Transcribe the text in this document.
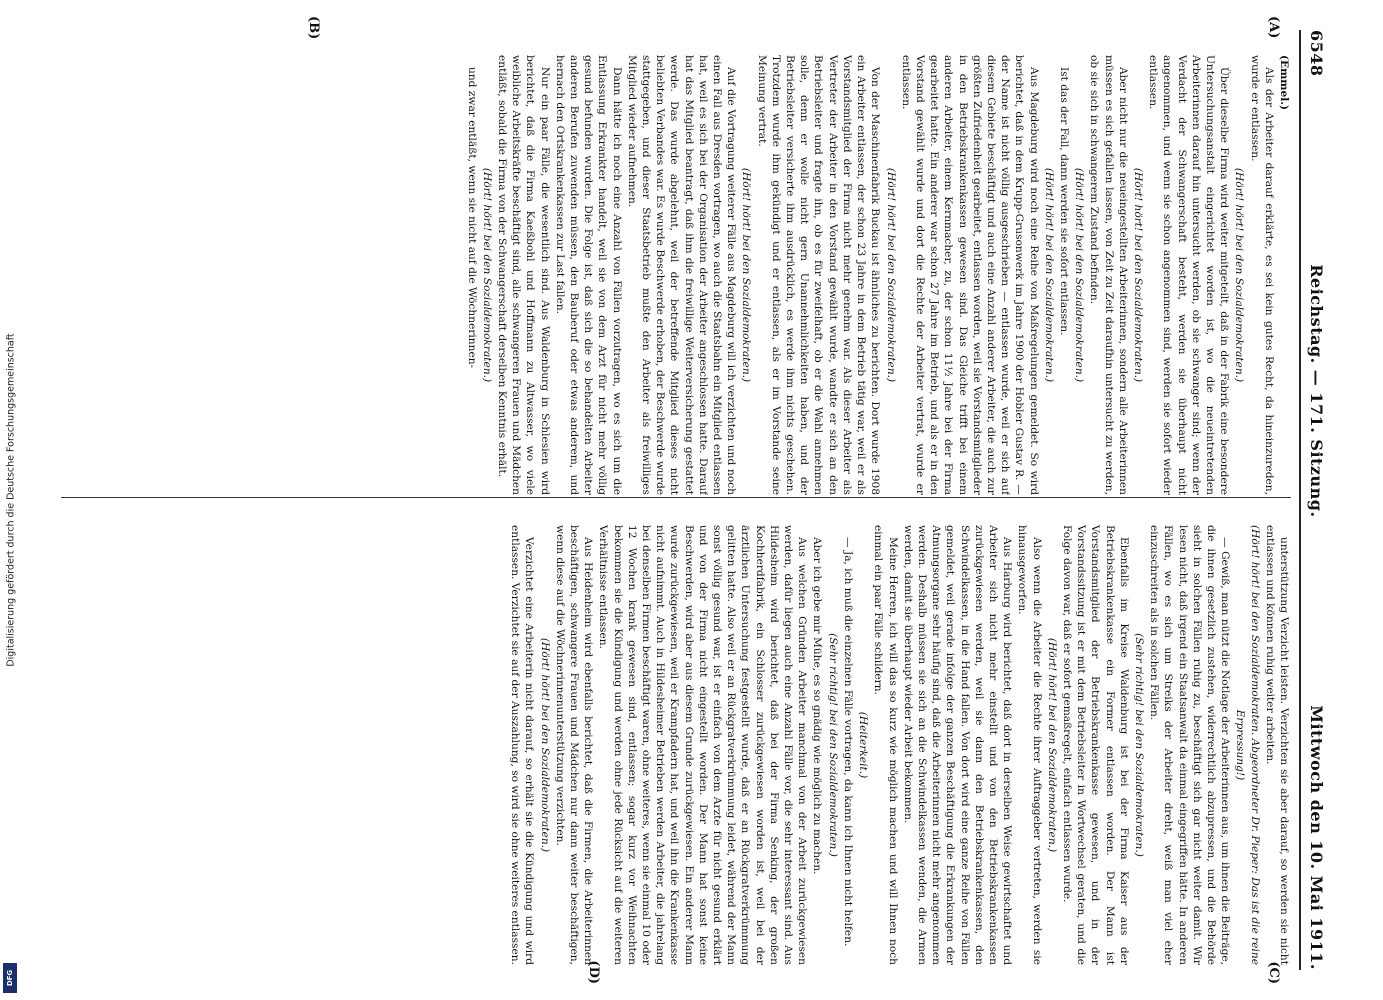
Digitalisierung gefördert durch die Deutsche Forschungsgemeinschaft
DFG
6548
Reichstag. — 171. Sitzung.
Mittwoch den 10. Mai 1911.
(A)
(B)
(C)
(D)

(Emmel.)

Als der Arbeiter darauf erklärte, es sei kein gutes Recht, da hineinzureden, wurde er entlassen.

(Hört! hört! bei den Sozialdemokraten.)

Über dieselbe Firma wird weiter mitgeteilt, daß in der Fabrik eine besondere Untersuchungsanstalt eingerichtet worden ist, wo die neueintretenden Arbeiterinnen darauf hin untersucht werden, ob sie schwanger sind; wenn der Verdacht der Schwangerschaft besteht, werden sie überhaupt nicht angenommen, und wenn sie schon angenommen sind, werden sie sofort wieder entlassen.

(Hört! hört! bei den Sozialdemokraten.)

Aber nicht nur die neueingestellten Arbeiterinnen, sondern alle Arbeiterinnen müssen es sich gefallen lassen, von Zeit zu Zeit daraufhin untersucht zu werden, ob sie sich in schwangerem Zustand befinden.

(Hört! hört! bei den Sozialdemokraten.)

Ist das der Fall, dann werden sie sofort entlassen.

(Hört! hört! bei den Sozialdemokraten.)

Aus Magdeburg wird noch eine Reihe von Maßregelungen gemeldet. So wird berichtet, daß in dem Krupp-Grusonwerk im Jahre 1900 der Hobler Gustav R. — der Name ist nicht völlig ausgeschrieben — entlassen wurde, weil er sich auf diesem Gebiete beschäftigt und auch eine Anzahl anderer Arbeiter, die auch zur größten Zufriedenheit gearbeitet, entlassen worden, weil sie Vorstandsmitglieder in den Betriebskrankenkassen gewesen sind. Das Gleiche trifft bei einem anderen Arbeiter, einem Kernmacher, zu, der schon 11½ Jahre bei der Firma gearbeitet hatte. Ein anderer war schon 27 Jahre im Betrieb, und als er in den Vorstand gewählt wurde und dort die Rechte der Arbeiter vertrat, wurde er entlassen.

(Hört! hört! bei den Sozialdemokraten.)

Von der Maschinenfabrik Buckau ist ähnliches zu berichten. Dort wurde 1908 ein Arbeiter entlassen, der schon 23 Jahre in dem Betrieb tätig war, weil er als Vorstandsmitglied der Firma nicht mehr genehm war. Als dieser Arbeiter als Vertreter der Arbeiter in den Vorstand gewählt wurde, wandte er sich an den Betriebsleiter und fragte ihn, ob es für zweifelhaft, ob er die Wahl annehmen solle, denn er wolle nicht gern Unannehmlichkeiten haben, und der Betriebsleiter versicherte ihm ausdrücklich, es werde ihm nichts geschehen. Trotzdem wurde ihm gekündigt und er entlassen, als er im Vorstande seine Meinung vertrat.

(Hört! hört! bei den Sozialdemokraten.)

Auf die Vortragung weiterer Fälle aus Magdeburg will ich verzichten und noch einen Fall aus Dresden vortragen, wo auch die Staatsbahn ein Mitglied entlassen hat, weil es sich bei der Organisation der Arbeiter angeschlossen hatte. Darauf hat das Mitglied beantragt, daß ihm die freiwillige Weiterversicherung gestattet werde. Das wurde abgelehnt, weil der betreffende Mitglied dieses nicht beliebten Verbandes war. Es wurde Beschwerde erhoben, der Beschwerde wurde stattgegeben, und dieser Staatsbetrieb mußte den Arbeiter als freiwilliges Mitglied wieder aufnehmen.

Dann hätte ich noch eine Anzahl von Fällen vorzutragen, wo es sich um die Entlassung Erkrankter handelt, weil sie von dem Arzt für nicht mehr völlig gesund befunden wurden. Die Folge ist, daß sich die so behandelten Arbeiter anderen Berufen zuwenden müssen, den Bauberuf oder etwas anderem, und hernach den Ortskrankenkassen zur Last fallen.

Nur ein paar Fälle, die wesentlich sind. Aus Waldenburg in Schlesien wird berichtet, daß die Firma Kaeßbohl und Hoffmann zu Altwasser, wo viele weibliche Arbeitskräfte beschäftigt sind, alle schwangeren Frauen und Mädchen entläßt, sobald die Firma von der Schwangerschaft derselben Kenntnis erhält.

(Hört! hört! bei den Sozialdemokraten.)

und zwar entläßt, wenn sie nicht auf die Wöchnerinnen-

unterstützung Verzicht leisten. Verzichten sie aber darauf, so werden sie nicht entlassen und können ruhig weiter arbeiten.

(Hört! hört! bei den Sozialdemokraten. Abgeordneter Dr. Pieper: Das ist die reine Erpressung!)

— Gewiß, man nützt die Notlage der Arbeiterinnen aus, um ihnen die Beiträge, die ihnen gesetzlich zustehen, widerrechtlich abzupressen, und die Behörde sieht in solchen Fällen ruhig zu, beschäftigt sich gar nicht weiter damit. Wir lesen nicht, daß irgend ein Staatsanwalt da einmal eingegriffen hätte. In anderen Fällen, wo es sich um Streiks der Arbeiter dreht, weiß man viel eher einzuschreiten als in solchen Fällen.

(Sehr richtig! bei den Sozialdemokraten.)

Ebenfalls im Kreise Waldenburg ist bei der Firma Kaiser aus der Betriebskrankenkasse ein Former entlassen worden. Der Mann ist Vorstandsmitglied der Betriebskrankenkasse gewesen, und in der Vorstandssitzung ist er mit dem Betriebsleiter in Wortwechsel geraten, und die Folge davon war, daß er sofort gemaßregelt, einfach entlassen wurde.

(Hört! hört! bei den Sozialdemokraten.)

Also wenn die Arbeiter die Rechte ihrer Auftraggeber vertreten, werden sie hinausgeworfen.

Aus Harburg wird berichtet, daß dort in derselben Weise gewirtschaftet und Arbeiter sich nicht mehr einstellt und von den Betriebskrankenkassen zurückgewiesen werden, weil sie dann den Betriebskrankenkassen, den Schwindelkassen, in die Hand fallen. Von dort wird eine ganze Reihe von Fällen gemeldet, weil gerade infolge der ganzen Beschäftigung die Erkrankungen der Atmungsorgane sehr häufig sind, daß die Arbeiterinnen nicht mehr angenommen werden. Deshalb müssen sie sich an die Schwindelkassen wenden, die Armen werden, damit sie überhaupt wieder Arbeit bekommen.

Meine Herren, ich will das so kurz wie möglich machen und will Ihnen noch einmal ein paar Fälle schildern.

(Heiterkeit.)

— Ja, ich muß die einzelnen Fälle vortragen, da kann ich Ihnen nicht helfen.

(Sehr richtig! bei den Sozialdemokraten.)

Aber ich gebe mir Mühe, es so gnädig wie möglich zu machen.

Aus welchen Gründen Arbeiter manchmal von der Arbeit zurückgewiesen werden, dafür liegen auch eine Anzahl Fälle vor, die sehr interessant sind. Aus Hildesheim wird berichtet, daß bei der Firma Senking, der großen Kochherdfabrik, ein Schlosser zurückgewiesen worden ist, weil bei der ärztlichen Untersuchung festgestellt wurde, daß er an Rückgratverkrümmung gelitten hatte. Also weil er an Rückgratverkrümmung leidet, während der Mann sonst völlig gesund war, ist er einfach von dem Arzte für nicht gesund erklärt und von der Firma nicht eingestellt worden. Der Mann hat sonst keine Beschwerden, wird aber aus diesem Grunde zurückgewiesen. Ein anderer Mann wurde zurückgewiesen, weil er Krampfadern hat, und weil ihn die Krankenkasse nicht aufnimmt. Auch in Hildesheimer Betrieben werden Arbeiter, die jahrelang bei denselben Firmen beschäftigt waren, ohne weiteres, wenn sie einmal 10 oder 12 Wochen krank gewesen sind, entlassen; sogar kurz vor Weihnachten bekommen sie die Kündigung und werden ohne jede Rücksicht auf die weiteren Verhältnisse entlassen.

Aus Heidenheim wird ebenfalls berichtet, daß die Firmen, die Arbeiterinnen beschäftigen, schwangere Frauen und Mädchen nur dann weiter beschäftigen, wenn diese auf die Wöchnerinnenunterstützung verzichten.

(Hört! hört! bei den Sozialdemokraten.)

Verzichtet eine Arbeiterin nicht darauf, so erhält sie die Kündigung und wird entlassen. Verzichtet sie auf der Auszahlung, so wird sie ohne weiteres entlassen.
